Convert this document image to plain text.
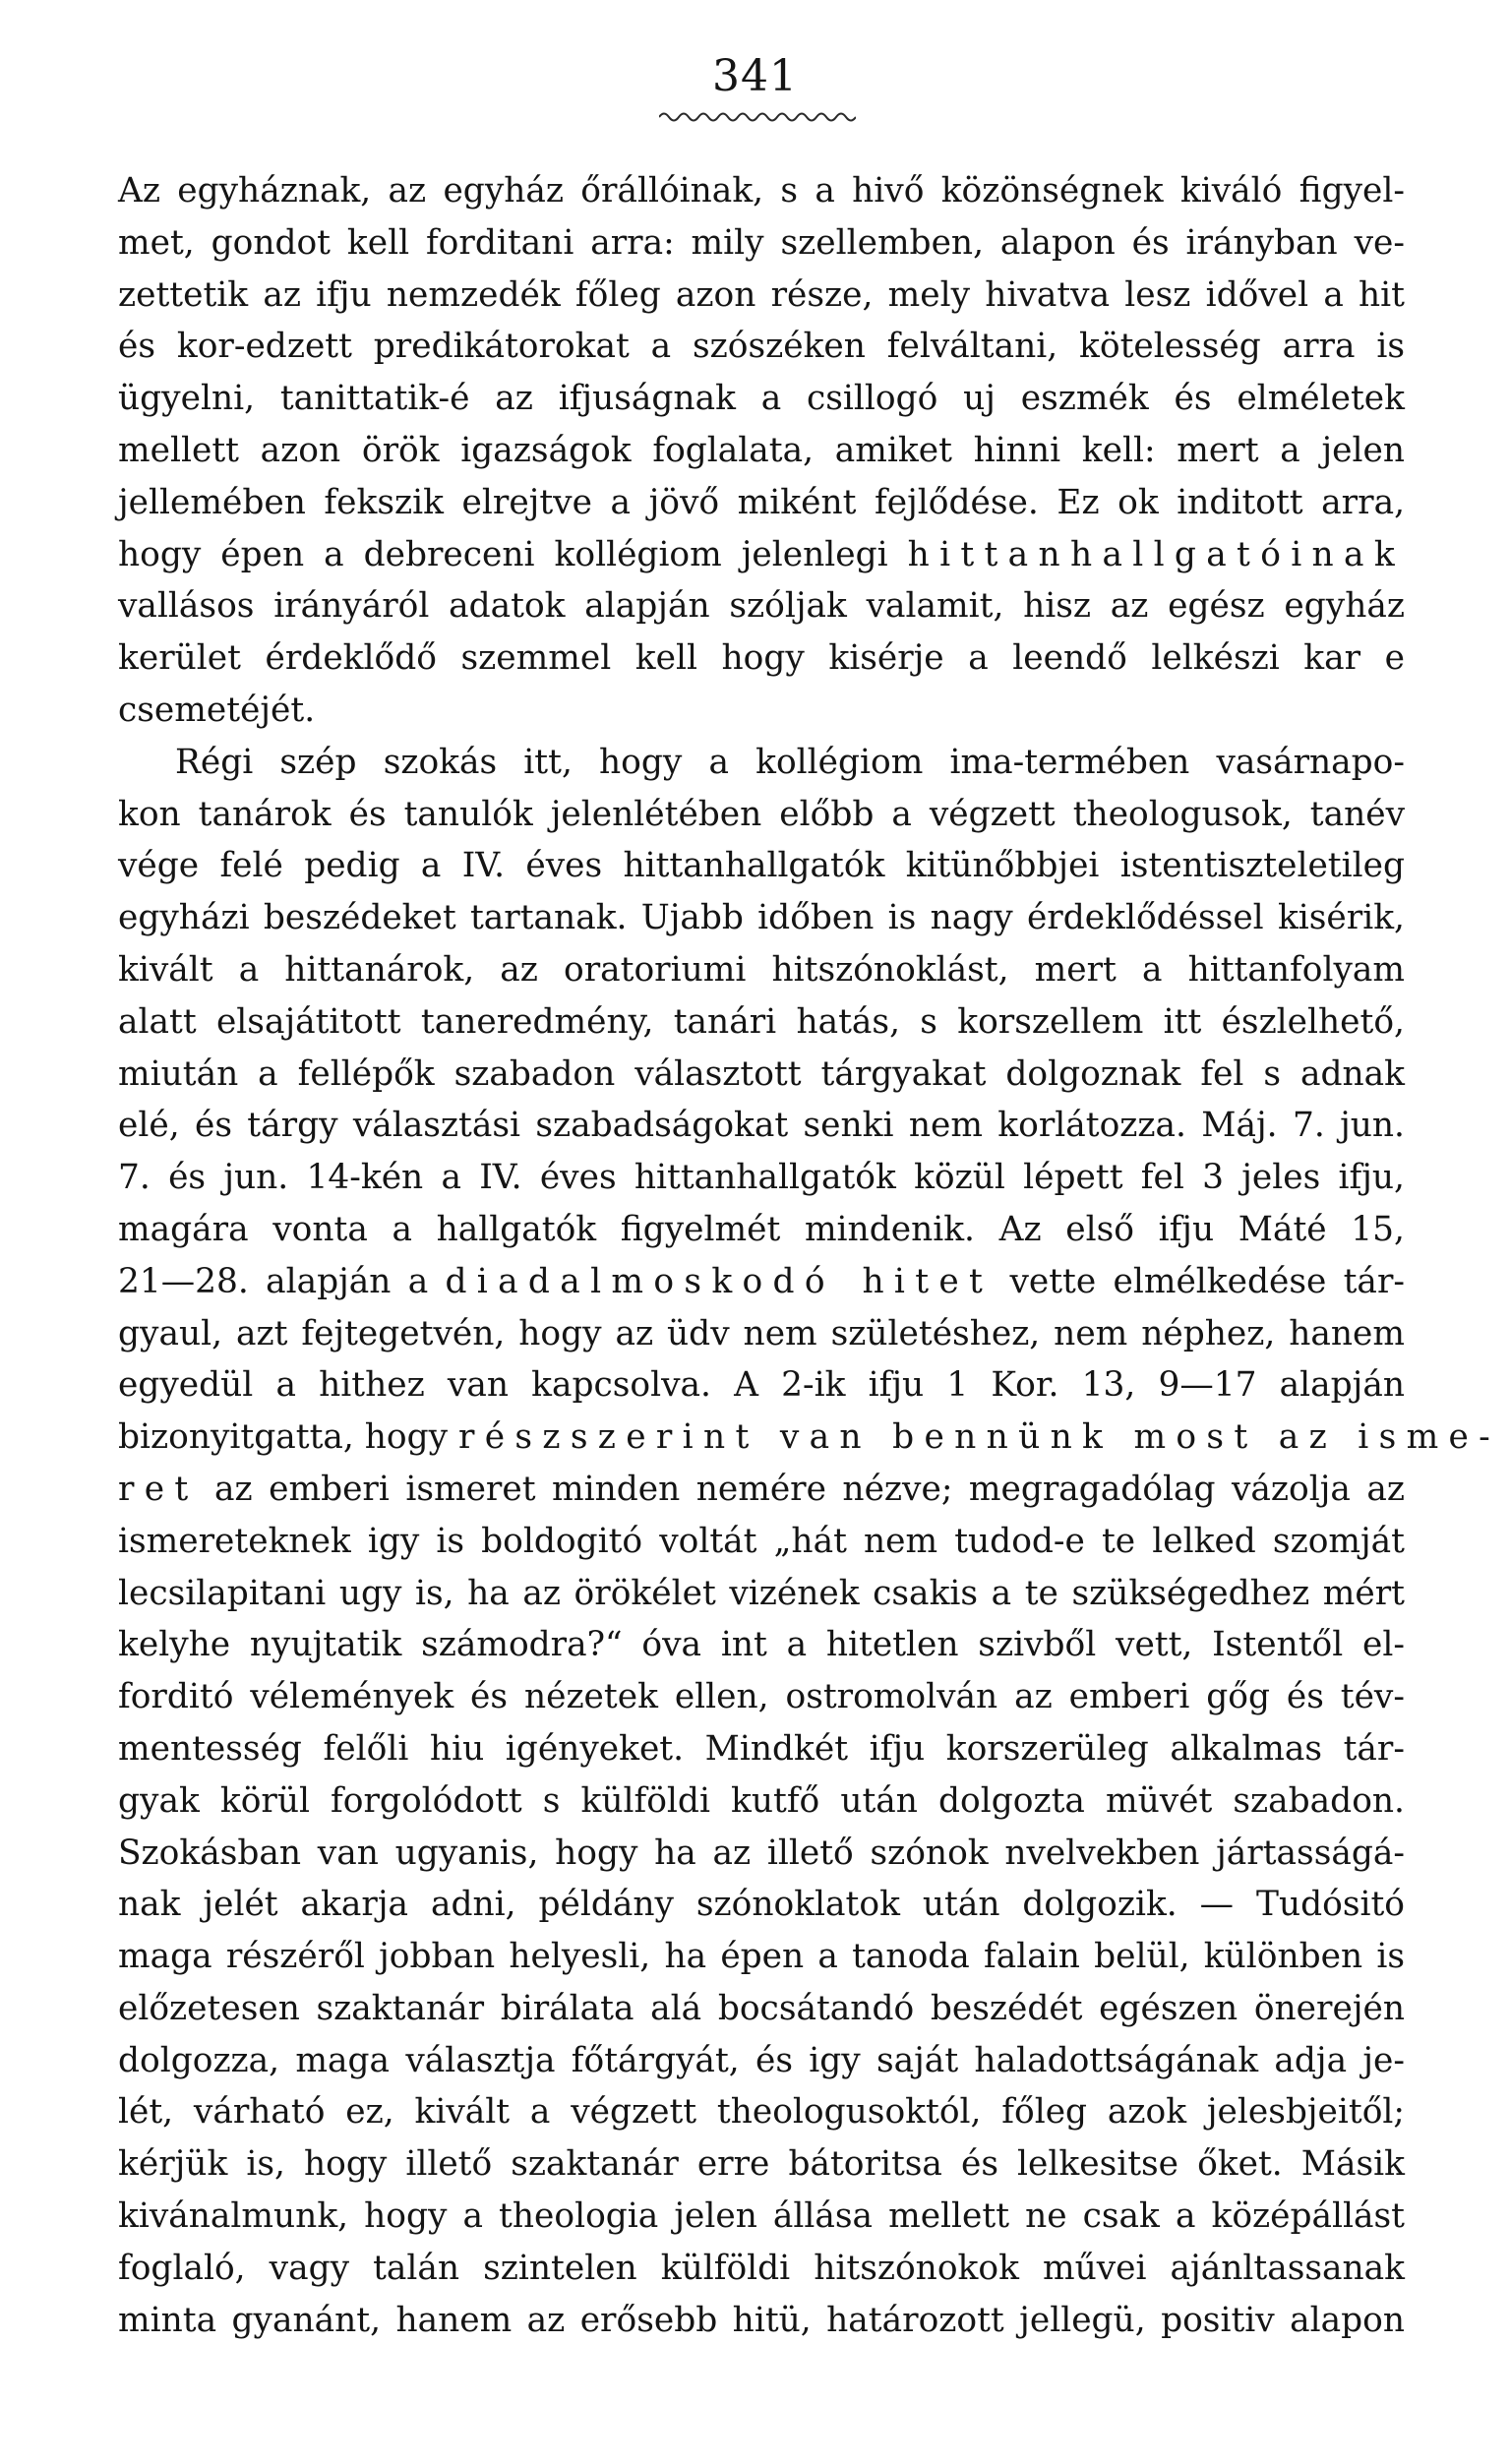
341
Az egyháznak, az egyház őrállóinak, s a hivő közönségnek kiváló figyel-
met, gondot kell forditani arra: mily szellemben, alapon és irányban ve-
zettetik az ifju nemzedék főleg azon része, mely hivatva lesz idővel a hit
és kor-edzett predikátorokat a szószéken felváltani, kötelesség arra is
ügyelni, tanittatik-é az ifjuságnak a csillogó uj eszmék és elméletek
mellett azon örök igazságok foglalata, amiket hinni kell: mert a jelen
jellemében fekszik elrejtve a jövő miként fejlődése. Ez ok inditott arra,
hogy épen a debreceni kollégiom jelenlegi hittanhallgatóinak
vallásos irányáról adatok alapján szóljak valamit, hisz az egész egyház
kerület érdeklődő szemmel kell hogy kisérje a leendő lelkészi kar e
csemetéjét.
Régi szép szokás itt, hogy a kollégiom ima-termében vasárnapo-
kon tanárok és tanulók jelenlétében előbb a végzett theologusok, tanév
vége felé pedig a IV. éves hittanhallgatók kitünőbbjei istentiszteletileg
egyházi beszédeket tartanak. Ujabb időben is nagy érdeklődéssel kisérik,
kivált a hittanárok, az oratoriumi hitszónoklást, mert a hittanfolyam
alatt elsajátitott taneredmény, tanári hatás, s korszellem itt észlelhető,
miután a fellépők szabadon választott tárgyakat dolgoznak fel s adnak
elé, és tárgy választási szabadságokat senki nem korlátozza. Máj. 7. jun.
7. és jun. 14-kén a IV. éves hittanhallgatók közül lépett fel 3 jeles ifju,
magára vonta a hallgatók figyelmét mindenik. Az első ifju Máté 15,
21—28. alapján a diadalmoskodó hitet vette elmélkedése tár-
gyaul, azt fejtegetvén, hogy az üdv nem születéshez, nem néphez, hanem
egyedül a hithez van kapcsolva. A 2-ik ifju 1 Kor. 13, 9—17 alapján
bizonyitgatta, hogy részszerint van bennünk most az isme-
ret az emberi ismeret minden nemére nézve; megragadólag vázolja az
ismereteknek igy is boldogitó voltát „hát nem tudod-e te lelked szomját
lecsilapitani ugy is, ha az örökélet vizének csakis a te szükségedhez mért
kelyhe nyujtatik számodra?“ óva int a hitetlen szivből vett, Istentől el-
forditó vélemények és nézetek ellen, ostromolván az emberi gőg és tév-
mentesség felőli hiu igényeket. Mindkét ifju korszerüleg alkalmas tár-
gyak körül forgolódott s külföldi kutfő után dolgozta müvét szabadon.
Szokásban van ugyanis, hogy ha az illető szónok nvelvekben jártasságá-
nak jelét akarja adni, példány szónoklatok után dolgozik. — Tudósitó
maga részéről jobban helyesli, ha épen a tanoda falain belül, különben is
előzetesen szaktanár birálata alá bocsátandó beszédét egészen önerején
dolgozza, maga választja főtárgyát, és igy saját haladottságának adja je-
lét, várható ez, kivált a végzett theologusoktól, főleg azok jelesbjeitől;
kérjük is, hogy illető szaktanár erre bátoritsa és lelkesitse őket. Másik
kivánalmunk, hogy a theologia jelen állása mellett ne csak a középállást
foglaló, vagy talán szintelen külföldi hitszónokok művei ajánltassanak
minta gyanánt, hanem az erősebb hitü, határozott jellegü, positiv alapon
